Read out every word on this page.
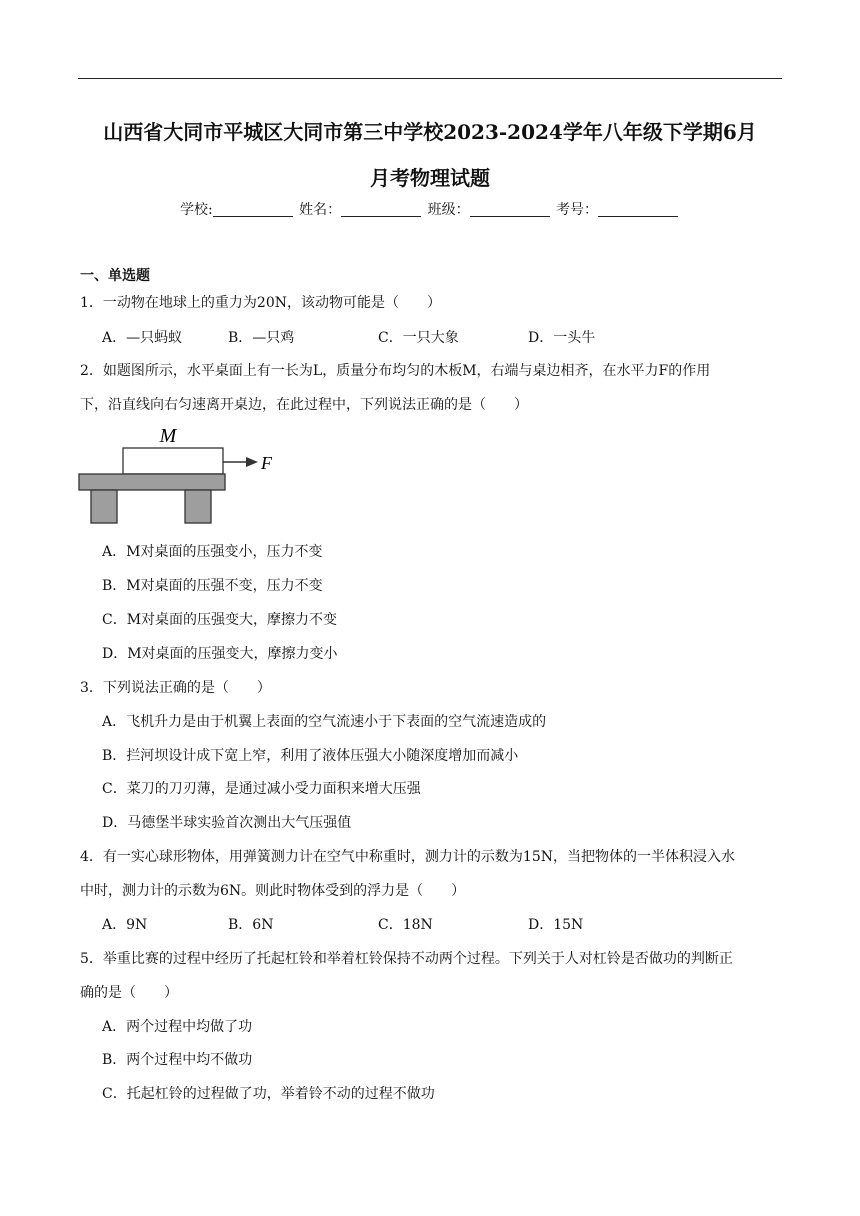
山西省大同市平城区大同市第三中学校2023-2024学年八年级下学期6月
月考物理试题
学校:	姓名：	班级：	考号：
一、单选题
1．一动物在地球上的重力为20N，该动物可能是（　　）
A．—只蚂蚁	B．—只鸡	C．一只大象	D．一头牛
2．如题图所示，水平桌面上有一长为L，质量分布均匀的木板M，右端与桌边相齐，在水平力F的作用
下，沿直线向右匀速离开桌边，在此过程中，下列说法正确的是（　　）
M
F
A．M对桌面的压强变小，压力不变
B．M对桌面的压强不变，压力不变
C．M对桌面的压强变大，摩擦力不变
D．M对桌面的压强变大，摩擦力变小
3．下列说法正确的是（　　）
A．飞机升力是由于机翼上表面的空气流速小于下表面的空气流速造成的
B．拦河坝设计成下宽上窄，利用了液体压强大小随深度增加而减小
C．菜刀的刀刃薄，是通过减小受力面积来增大压强
D．马德堡半球实验首次测出大气压强值
4．有一实心球形物体，用弹簧测力计在空气中称重时，测力计的示数为15N，当把物体的一半体积浸入水
中时，测力计的示数为6N。则此时物体受到的浮力是（　　）
A．9N	B．6N	C．18N	D．15N
5．举重比赛的过程中经历了托起杠铃和举着杠铃保持不动两个过程。下列关于人对杠铃是否做功的判断正
确的是（　　）
A．两个过程中均做了功
B．两个过程中均不做功
C．托起杠铃的过程做了功，举着铃不动的过程不做功
